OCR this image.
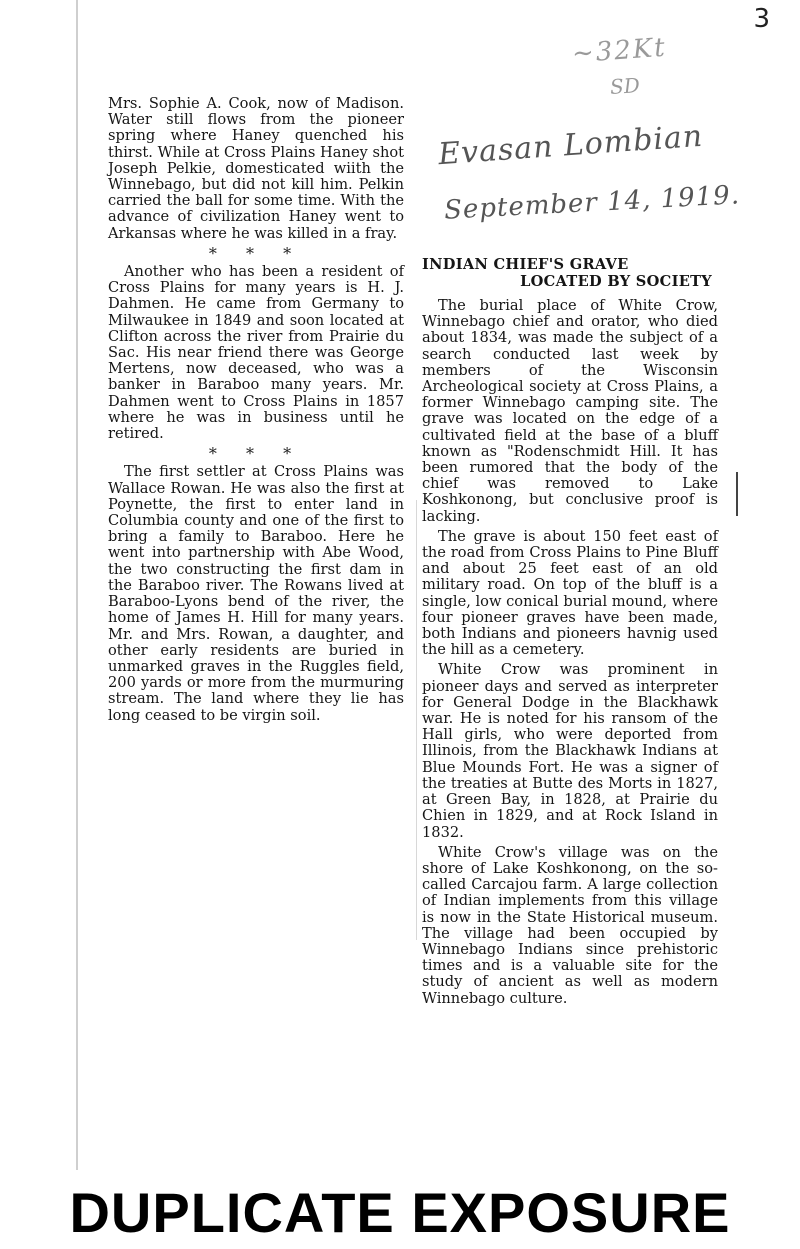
3
~32Kt
SD
Evasan Lombian
September 14, 1919.

Mrs. Sophie A. Cook, now of Madison. Water still flows from the pioneer spring where Haney quenched his thirst. While at Cross Plains Haney shot Joseph Pelkie, domesticated wiith the Winnebago, but did not kill him. Pelkin carried the ball for some time. With the advance of civilization Haney went to Arkansas where he was killed in a fray.

* * *

Another who has been a resident of Cross Plains for many years is H. J. Dahmen. He came from Germany to Milwaukee in 1849 and soon located at Clifton across the river from Prairie du Sac. His near friend there was George Mertens, now deceased, who was a banker in Baraboo many years. Mr. Dahmen went to Cross Plains in 1857 where he was in business until he retired.

* * *

The first settler at Cross Plains was Wallace Rowan. He was also the first at Poynette, the first to enter land in Columbia county and one of the first to bring a family to Baraboo. Here he went into partnership with Abe Wood, the two constructing the first dam in the Baraboo river. The Rowans lived at Baraboo-Lyons bend of the river, the home of James H. Hill for many years. Mr. and Mrs. Rowan, a daughter, and other early residents are buried in unmarked graves in the Ruggles field, 200 yards or more from the murmuring stream. The land where they lie has long ceased to be virgin soil.

INDIAN CHIEF'S GRAVE
LOCATED BY SOCIETY

The burial place of White Crow, Winnebago chief and orator, who died about 1834, was made the subject of a search conducted last week by members of the Wisconsin Archeological society at Cross Plains, a former Winnebago camping site. The grave was located on the edge of a cultivated field at the base of a bluff known as "Rodenschmidt Hill. It has been rumored that the body of the chief was removed to Lake Koshkonong, but conclusive proof is lacking.

The grave is about 150 feet east of the road from Cross Plains to Pine Bluff and about 25 feet east of an old military road. On top of the bluff is a single, low conical burial mound, where four pioneer graves have been made, both Indians and pioneers havnig used the hill as a cemetery.

White Crow was prominent in pioneer days and served as interpreter for General Dodge in the Blackhawk war. He is noted for his ransom of the Hall girls, who were deported from Illinois, from the Blackhawk Indians at Blue Mounds Fort. He was a signer of the treaties at Butte des Morts in 1827, at Green Bay, in 1828, at Prairie du Chien in 1829, and at Rock Island in 1832.

White Crow's village was on the shore of Lake Koshkonong, on the so-called Carcajou farm. A large collection of Indian implements from this village is now in the State Historical museum. The village had been occupied by Winnebago Indians since prehistoric times and is a valuable site for the study of ancient as well as modern Winnebago culture.

DUPLICATE EXPOSURE
